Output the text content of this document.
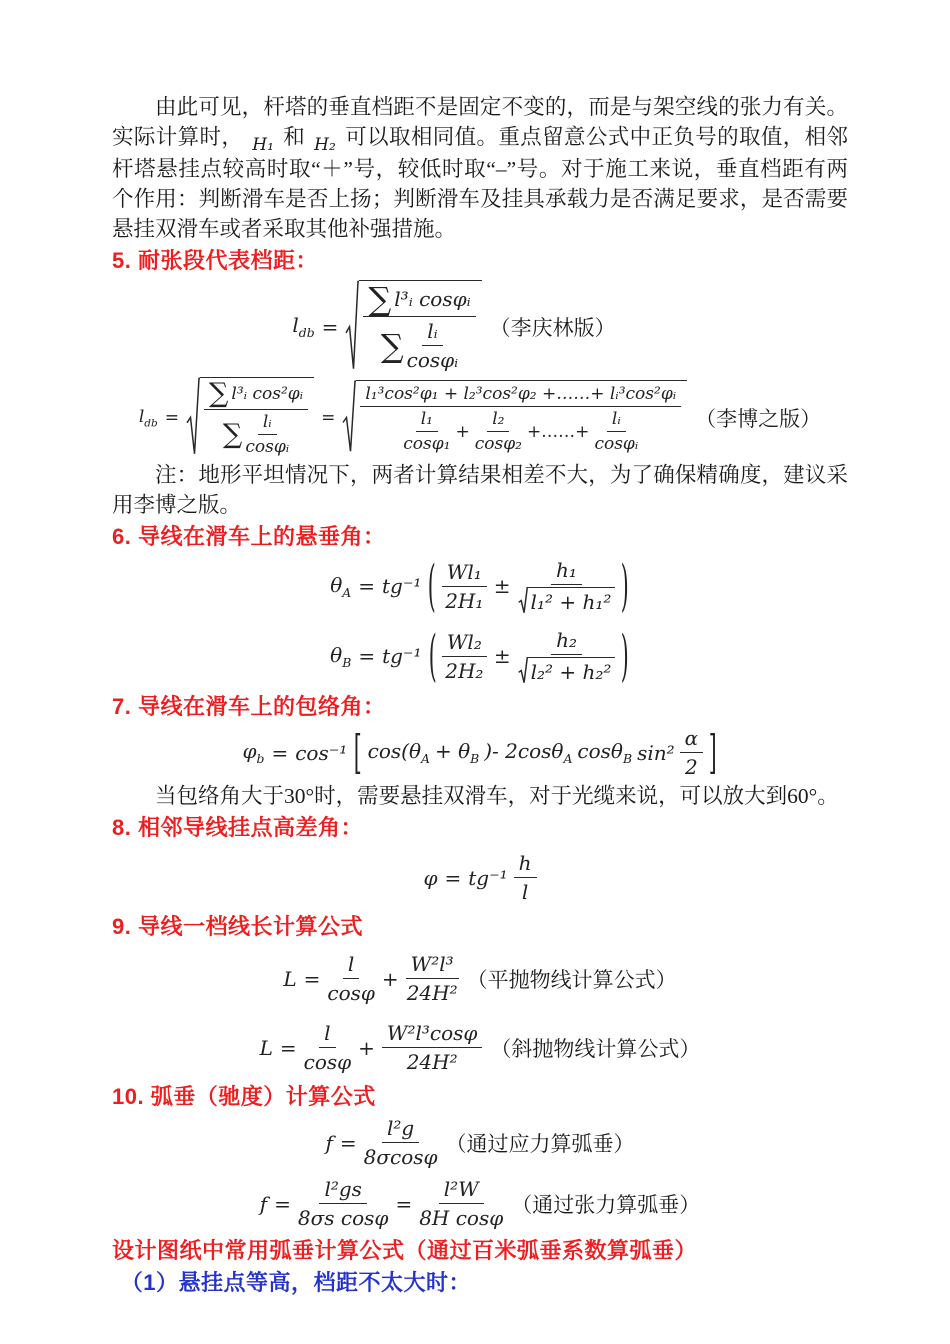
由此可见，杆塔的垂直档距不是固定不变的，而是与架空线的张力有关。实际计算时， $_{H_1}$ 和 $_{H_2}$ 可以取相同值。重点留意公式中正负号的取值，相邻杆塔悬挂点较高时取“＋”号，较低时取“–”号。对于施工来说，垂直档距有两个作用：判断滑车是否上扬；判断滑车及挂具承载力是否满足要求，是否需要悬挂双滑车或者采取其他补强措施。

5. 耐张段代表档距：
$l_{db} = \frac{\text{∑ l³ᵢ cosφᵢ}}{\sum \frac{\text{lᵢ}}{\text{cosφᵢ}}}$ （李庆林版）
$l_{db} = \frac{\text{∑ l³ᵢ cos²φᵢ}}{\sum \frac{\text{lᵢ}}{\text{cosφᵢ}}}$ =
l₁³cos²φ₁ + l₂³cos²φ₂ +……+ lᵢ³cos²φᵢ
$\frac{\text{l₁}}{\text{cosφ₁}} + \frac{\text{l₂}}{\text{cosφ₂}}$ +……+ $\frac{\text{lᵢ}}{\text{cosφᵢ}}$	（李博之版）

注：地形平坦情况下，两者计算结果相差不大，为了确保精确度，建议采用李博之版。

6. 导线在滑车上的悬垂角：
$\theta_A = tg^{-1}$ ( $\frac{\text{Wl₁}}{\text{2H₁}} \pm \frac{\text{h₁}}{\text{l₁² + h₁²}}$ )
$\theta_B = tg^{-1}$ ( $\frac{\text{Wl₂}}{\text{2H₂}} \pm \frac{\text{h₂}}{\text{l₂² + h₂²}}$ )
7. 导线在滑车上的包络角：
$\varphi_b = \cos^{-1}$ [ $\cos(\theta_A + \theta_B$ )- 2cosθ$_A$ cosθ$_B$ $\sin^2 \frac{\alpha}{2}$ ]

当包络角大于30°时，需要悬挂双滑车，对于光缆来说，可以放大到60°。

8. 相邻导线挂点高差角：
$\varphi = tg^{-1} \frac{h}{l}$
9. 导线一档线长计算公式
$L = \frac{l}{\cos\varphi} + \frac{\text{W²l³}}{\text{24H²}}$ （平抛物线计算公式）
$L = \frac{l}{\cos\varphi} + \frac{\text{W²l³cosφ}}{\text{24H²}}$ （斜抛物线计算公式）
10. 弧垂（驰度）计算公式
$f = \frac{\text{l²g}}{8\sigma\cos\varphi}$ （通过应力算弧垂）
$f = \frac{\text{l²gs}}{\text{8σs cosφ}} = \frac{\text{l²W}}{\text{8H cosφ}}$ （通过张力算弧垂）
设计图纸中常用弧垂计算公式（通过百米弧垂系数算弧垂）
（1）悬挂点等高，档距不太大时：
